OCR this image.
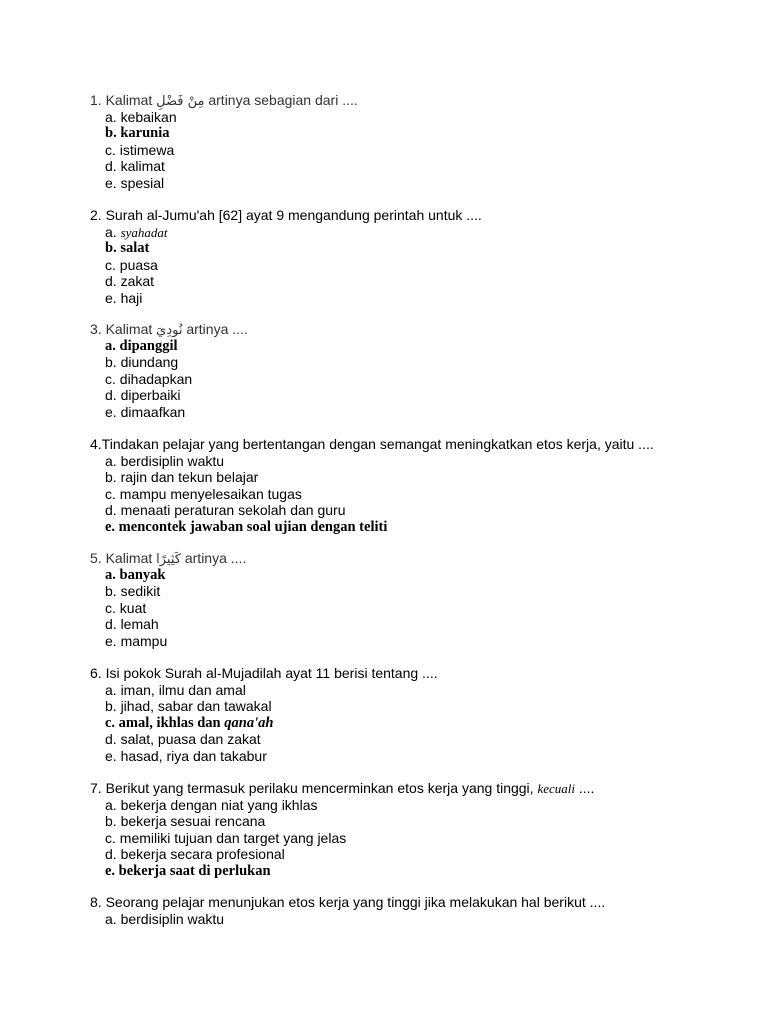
1. Kalimat مِنْ فَضْلِ artinya sebagian dari ....
a. kebaikan
b. karunia
c. istimewa
d. kalimat
e. spesial
2. Surah al-Jumu'ah [62] ayat 9 mengandung perintah untuk ....
a. syahadat
b. salat
c. puasa
d. zakat
e. haji
3. Kalimat نُودِيَ artinya ....
a. dipanggil
b. diundang
c. dihadapkan
d. diperbaiki
e. dimaafkan
4.Tindakan pelajar yang bertentangan dengan semangat meningkatkan etos kerja, yaitu ....
a. berdisiplin waktu
b. rajin dan tekun belajar
c. mampu menyelesaikan tugas
d. menaati peraturan sekolah dan guru
e. mencontek jawaban soal ujian dengan teliti
5. Kalimat كَثِيرًا artinya ....
a. banyak
b. sedikit
c. kuat
d. lemah
e. mampu
6. Isi pokok Surah al-Mujadilah ayat 11 berisi tentang ....
a. iman, ilmu dan amal
b. jihad, sabar dan tawakal
c. amal, ikhlas dan qana'ah
d. salat, puasa dan zakat
e. hasad, riya dan takabur
7. Berikut yang termasuk perilaku mencerminkan etos kerja yang tinggi, kecuali ....
a. bekerja dengan niat yang ikhlas
b. bekerja sesuai rencana
c. memiliki tujuan dan target yang jelas
d. bekerja secara profesional
e. bekerja saat di perlukan
8. Seorang pelajar menunjukan etos kerja yang tinggi jika melakukan hal berikut ....
a. berdisiplin waktu
